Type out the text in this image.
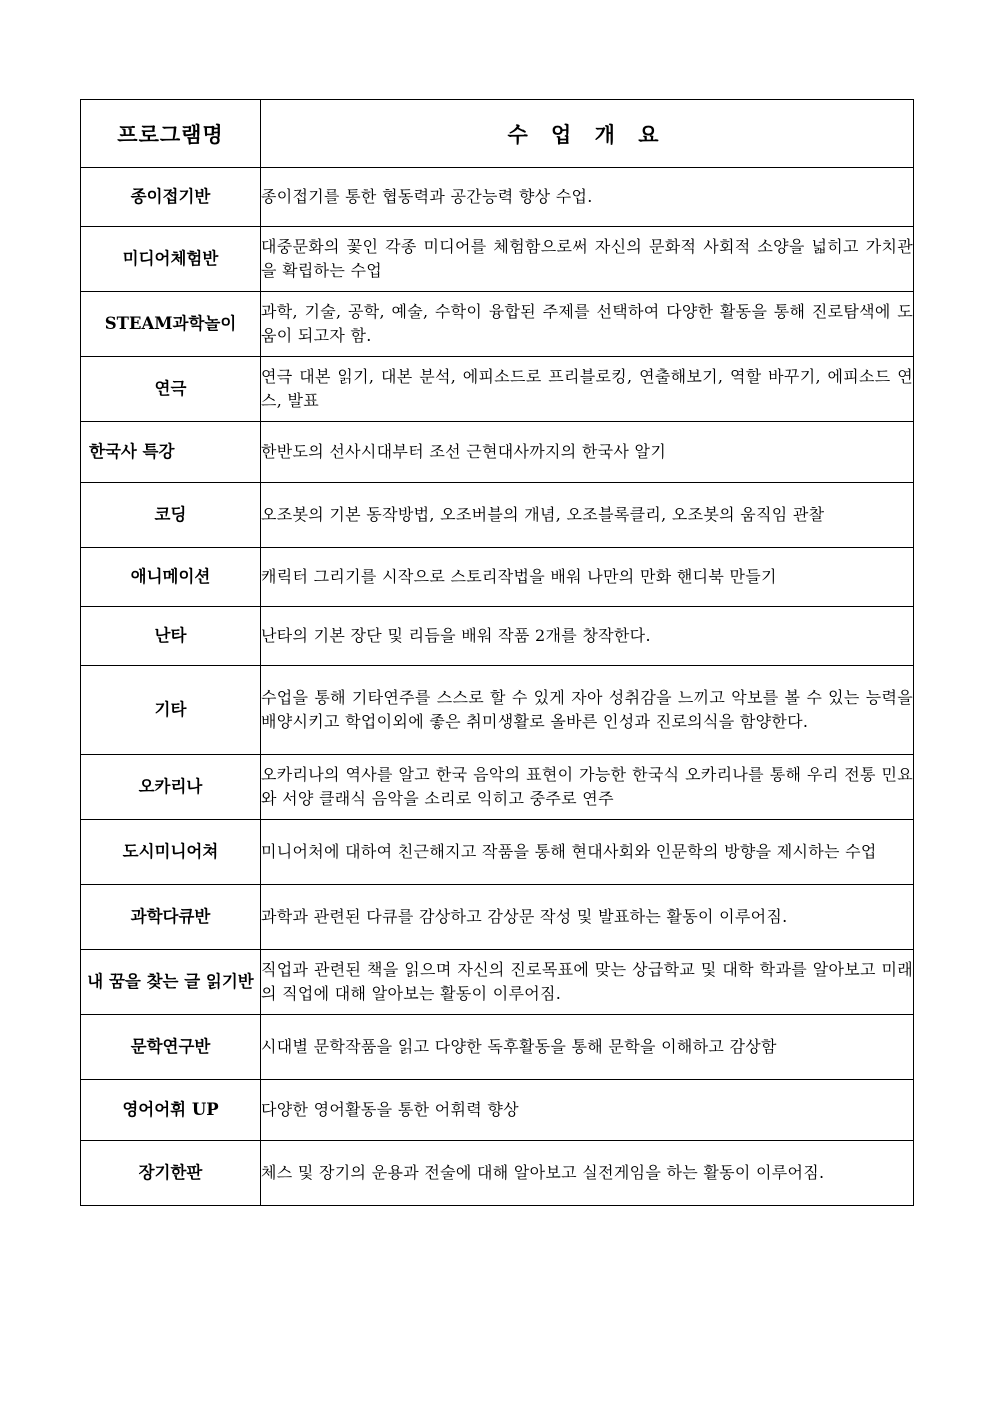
프로그램명	수 업 개 요
종이접기반	종이접기를 통한 협동력과 공간능력 향상 수업.
미디어체험반	대중문화의 꽃인 각종 미디어를 체험함으로써 자신의 문화적 사회적 소양을 넓히고 가치관을 확립하는 수업
STEAM과학놀이	과학, 기술, 공학, 예술, 수학이 융합된 주제를 선택하여 다양한 활동을 통해 진로탐색에 도움이 되고자 함.
연극	연극 대본 읽기, 대본 분석, 에피소드로 프리블로킹, 연출해보기, 역할 바꾸기, 에피소드 연스, 발표
한국사 특강	한반도의 선사시대부터 조선 근현대사까지의 한국사 알기
코딩	오조봇의 기본 동작방법, 오조버블의 개념, 오조블록클리, 오조봇의 움직임 관찰
애니메이션	캐릭터 그리기를 시작으로 스토리작법을 배워 나만의 만화 핸디북 만들기
난타	난타의 기본 장단 및 리듬을 배워 작품 2개를 창작한다.
기타	수업을 통해 기타연주를 스스로 할 수 있게 자아 성취감을 느끼고 악보를 볼 수 있는 능력을 배양시키고 학업이외에 좋은 취미생활로 올바른 인성과 진로의식을 함양한다.
오카리나	오카리나의 역사를 알고 한국 음악의 표현이 가능한 한국식 오카리나를 통해 우리 전통 민요와 서양 클래식 음악을 소리로 익히고 중주로 연주
도시미니어쳐	미니어처에 대하여 친근해지고 작품을 통해 현대사회와 인문학의 방향을 제시하는 수업
과학다큐반	과학과 관련된 다큐를 감상하고 감상문 작성 및 발표하는 활동이 이루어짐.
내 꿈을 찾는 글 읽기반	직업과 관련된 책을 읽으며 자신의 진로목표에 맞는 상급학교 및 대학 학과를 알아보고 미래의 직업에 대해 알아보는 활동이 이루어짐.
문학연구반	시대별 문학작품을 읽고 다양한 독후활동을 통해 문학을 이해하고 감상함
영어어휘 UP	다양한 영어활동을 통한 어휘력 향상
장기한판	체스 및 장기의 운용과 전술에 대해 알아보고 실전게임을 하는 활동이 이루어짐.
